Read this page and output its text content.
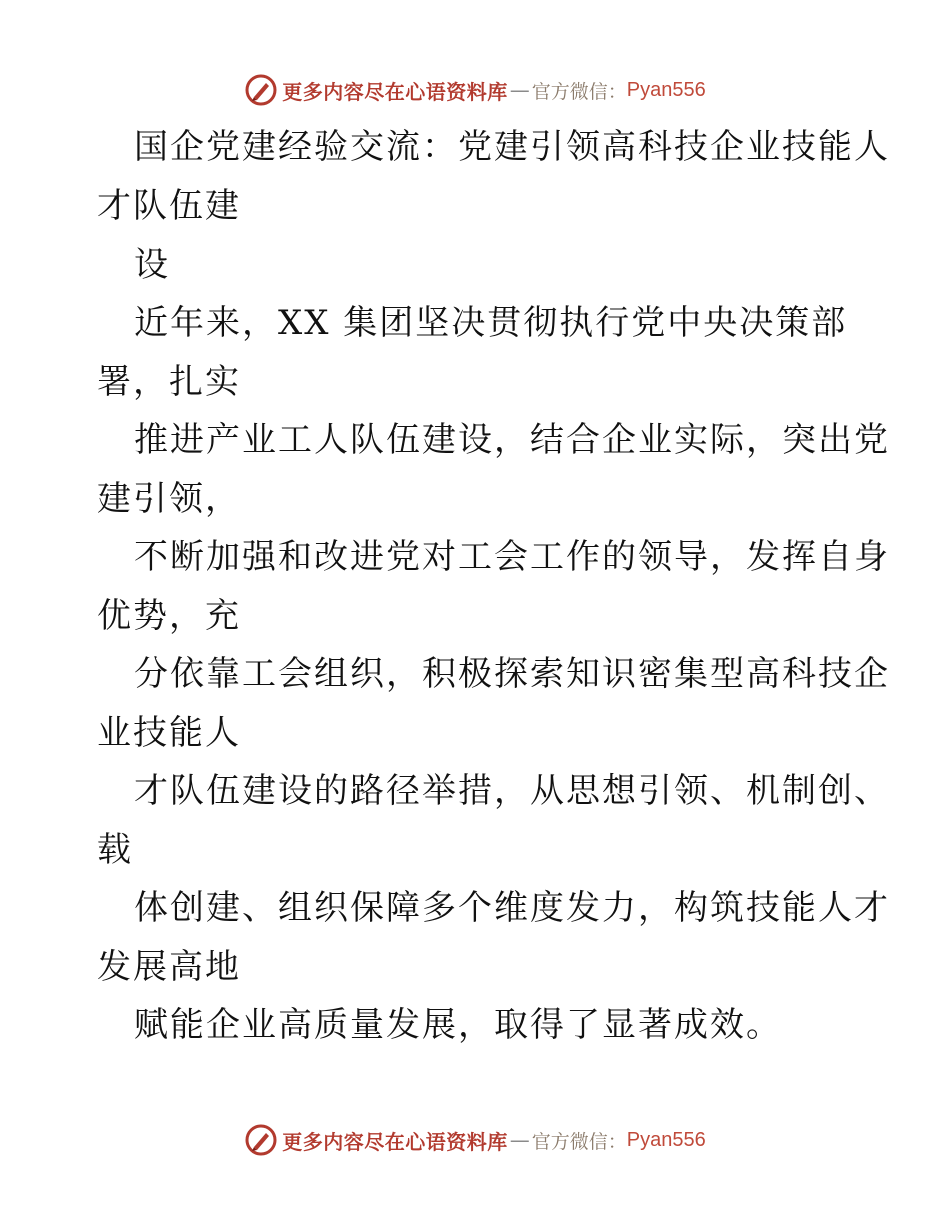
更多内容尽在心语资料库 — 官方微信： Pyan556
国企党建经验交流：党建引领高科技企业技能人
才队伍建
设
近年来，XX 集团坚决贯彻执行党中央决策部
署，扎实
推进产业工人队伍建设，结合企业实际，突出党
建引领，
不断加强和改进党对工会工作的领导，发挥自身
优势，充
分依靠工会组织，积极探索知识密集型高科技企
业技能人
才队伍建设的路径举措，从思想引领、机制创、
载
体创建、组织保障多个维度发力，构筑技能人才
发展高地
赋能企业高质量发展，取得了显著成效。
更多内容尽在心语资料库 — 官方微信： Pyan556
